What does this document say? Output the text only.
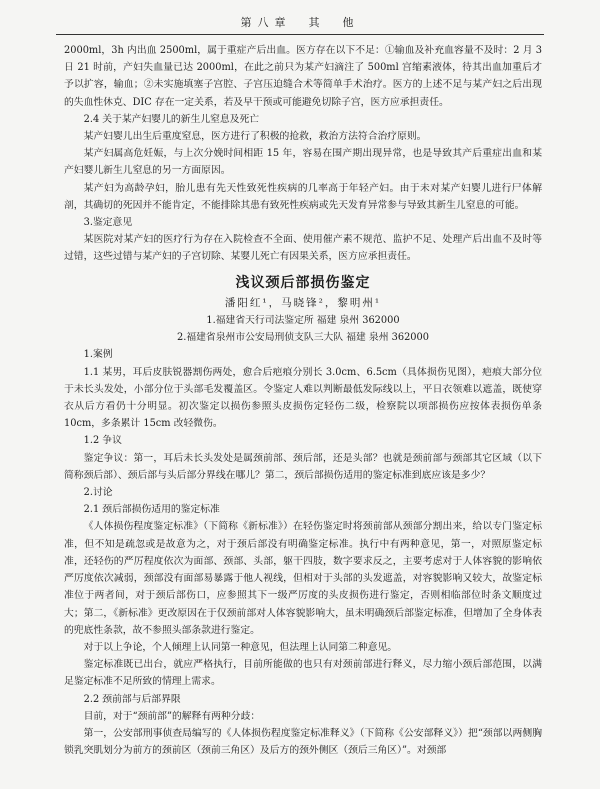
第八章　其　他

2000ml，3h 内出血 2500ml，属于重症产后出血。医方存在以下不足：①输血及补充血容量不及时：2 月 3 日 21 时前，产妇失血量已达 2000ml，在此之前只为某产妇滴注了 500ml 宫缩素液体，待其出血加重后才予以扩容，输血；②未实施填塞子宫腔、子宫压迫缝合术等简单手术治疗。医方的上述不足与某产妇之后出现的失血性休克、DIC 存在一定关系，若及早干预或可能避免切除子宫，医方应承担责任。

2.4 关于某产妇婴儿的新生儿窒息及死亡

某产妇婴儿出生后重度窒息，医方进行了积极的抢救，救治方法符合治疗原则。

某产妇属高危妊娠，与上次分娩时间相距 15 年，容易在围产期出现异常，也是导致其产后重症出血和某产妇婴儿新生儿窒息的另一方面原因。

某产妇为高龄孕妇，胎儿患有先天性致死性疾病的几率高于年轻产妇。由于未对某产妇婴儿进行尸体解剖，其确切的死因并不能肯定，不能排除其患有致死性疾病或先天发育异常参与导致其新生儿窒息的可能。

3.鉴定意见

某医院对某产妇的医疗行为存在入院检查不全面、使用催产素不规范、监护不足、处理产后出血不及时等过错，这些过错与某产妇的子宫切除、某婴儿死亡有因果关系，医方应承担责任。

浅议颈后部损伤鉴定

潘阳红¹，马晓锋²，黎明州¹

1.福建省天行司法鉴定所 福建 泉州 362000

2.福建省泉州市公安局刑侦支队三大队 福建 泉州 362000

1.案例

1.1 某男，耳后皮肤锐器割伤两处，愈合后疤痕分别长 3.0cm、6.5cm（具体损伤见图），疤痕大部分位于未长头发处，小部分位于头部毛发覆盖区。令鉴定人难以判断最低发际线以上，平日衣领难以遮盖，既使穿衣从后方看仍十分明显。初次鉴定以损伤参照头皮损伤定轻伤二级，检察院以项部损伤应按体表损伤单条 10cm，多条累计 15cm 改轻微伤。

1.2 争议

鉴定争议：第一，耳后未长头发处是属颈前部、颈后部，还是头部？也就是颈前部与颈部其它区域（以下简称颈后部）、颈后部与头后部分界线在哪儿？第二，颈后部损伤适用的鉴定标准到底应该是多少？

2.讨论

2.1 颈后部损伤适用的鉴定标准

《人体损伤程度鉴定标准》（下简称《新标准》）在轻伤鉴定时将颈前部从颈部分割出来，给以专门鉴定标准，但不知是疏忽或是故意为之，对于颈后部没有明确鉴定标准。执行中有两种意见，第一，对照原鉴定标准，还轻伤的严厉程度依次为面部、颈部、头部，躯干四肢，数字要求反之，主要考虑对于人体容貌的影响依严厉度依次减弱，颈部没有面部易暴露于他人视线，但相对于头部的头发遮盖，对容貌影响又较大，故鉴定标准位于两者间，对于颈后部伤口，应参照其下一级严厉度的头皮损伤进行鉴定，否则相临部位时条文顺度过大；第二，《新标准》更改原因在于仅颈前部对人体容貌影响大，虽未明确颈后部鉴定标准，但增加了全身体表的兜底性条款，故不参照头部条款进行鉴定。

对于以上争论，个人倾理上认同第一种意见，但法理上认同第二种意见。

鉴定标准既已出台，就应严格执行，目前所能做的也只有对颈前部进行释义，尽力缩小颈后部范围，以满足鉴定标准不足所致的情理上需求。

2.2 颈前部与后部界限

目前，对于“颈前部”的解释有两种分歧：

第一，公安部刑事侦查局编写的《人体损伤程度鉴定标准释义》（下简称《公安部释义》）把“颈部以两侧胸锁乳突肌划分为前方的颈前区（颈前三角区）及后方的颈外侧区（颈后三角区）”。对颈部
